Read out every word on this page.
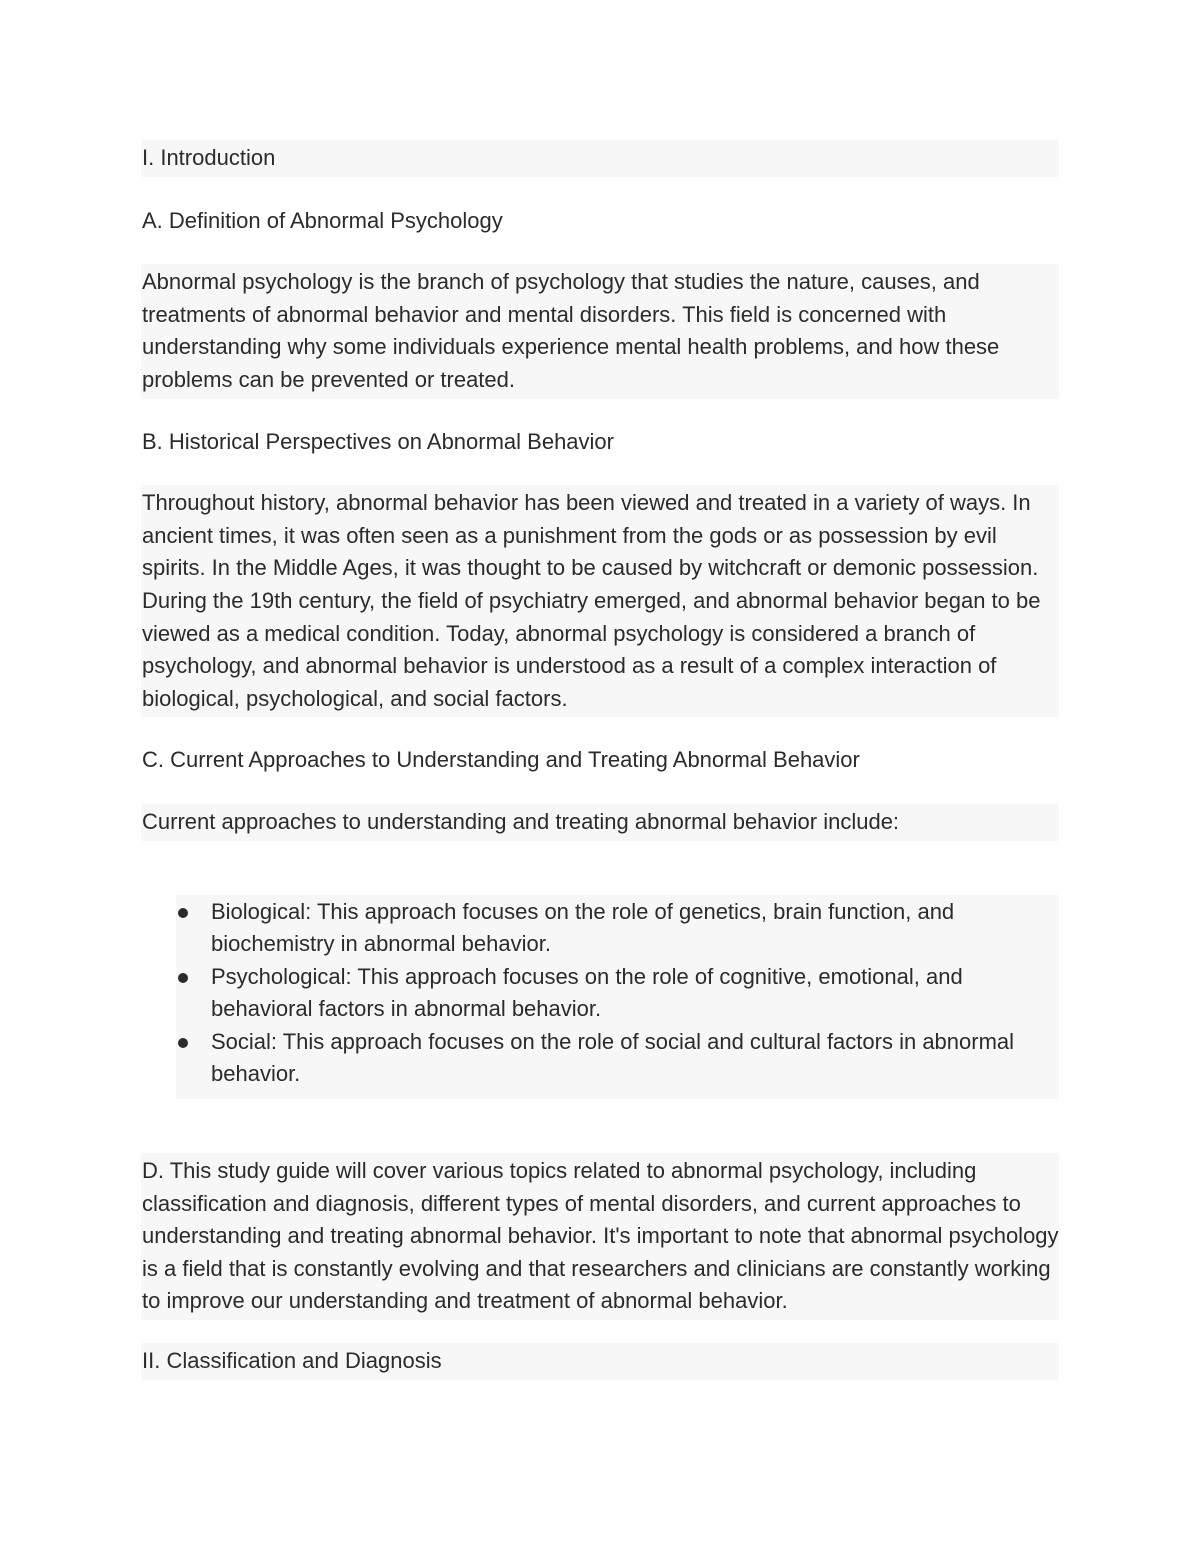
I. Introduction
A. Definition of Abnormal Psychology
Abnormal psychology is the branch of psychology that studies the nature, causes, and treatments of abnormal behavior and mental disorders. This field is concerned with understanding why some individuals experience mental health problems, and how these problems can be prevented or treated.
B. Historical Perspectives on Abnormal Behavior
Throughout history, abnormal behavior has been viewed and treated in a variety of ways. In ancient times, it was often seen as a punishment from the gods or as possession by evil spirits. In the Middle Ages, it was thought to be caused by witchcraft or demonic possession. During the 19th century, the field of psychiatry emerged, and abnormal behavior began to be viewed as a medical condition. Today, abnormal psychology is considered a branch of psychology, and abnormal behavior is understood as a result of a complex interaction of biological, psychological, and social factors.
C. Current Approaches to Understanding and Treating Abnormal Behavior
Current approaches to understanding and treating abnormal behavior include:
Biological: This approach focuses on the role of genetics, brain function, and biochemistry in abnormal behavior.
Psychological: This approach focuses on the role of cognitive, emotional, and behavioral factors in abnormal behavior.
Social: This approach focuses on the role of social and cultural factors in abnormal behavior.
D. This study guide will cover various topics related to abnormal psychology, including classification and diagnosis, different types of mental disorders, and current approaches to understanding and treating abnormal behavior. It's important to note that abnormal psychology is a field that is constantly evolving and that researchers and clinicians are constantly working to improve our understanding and treatment of abnormal behavior.
II. Classification and Diagnosis
